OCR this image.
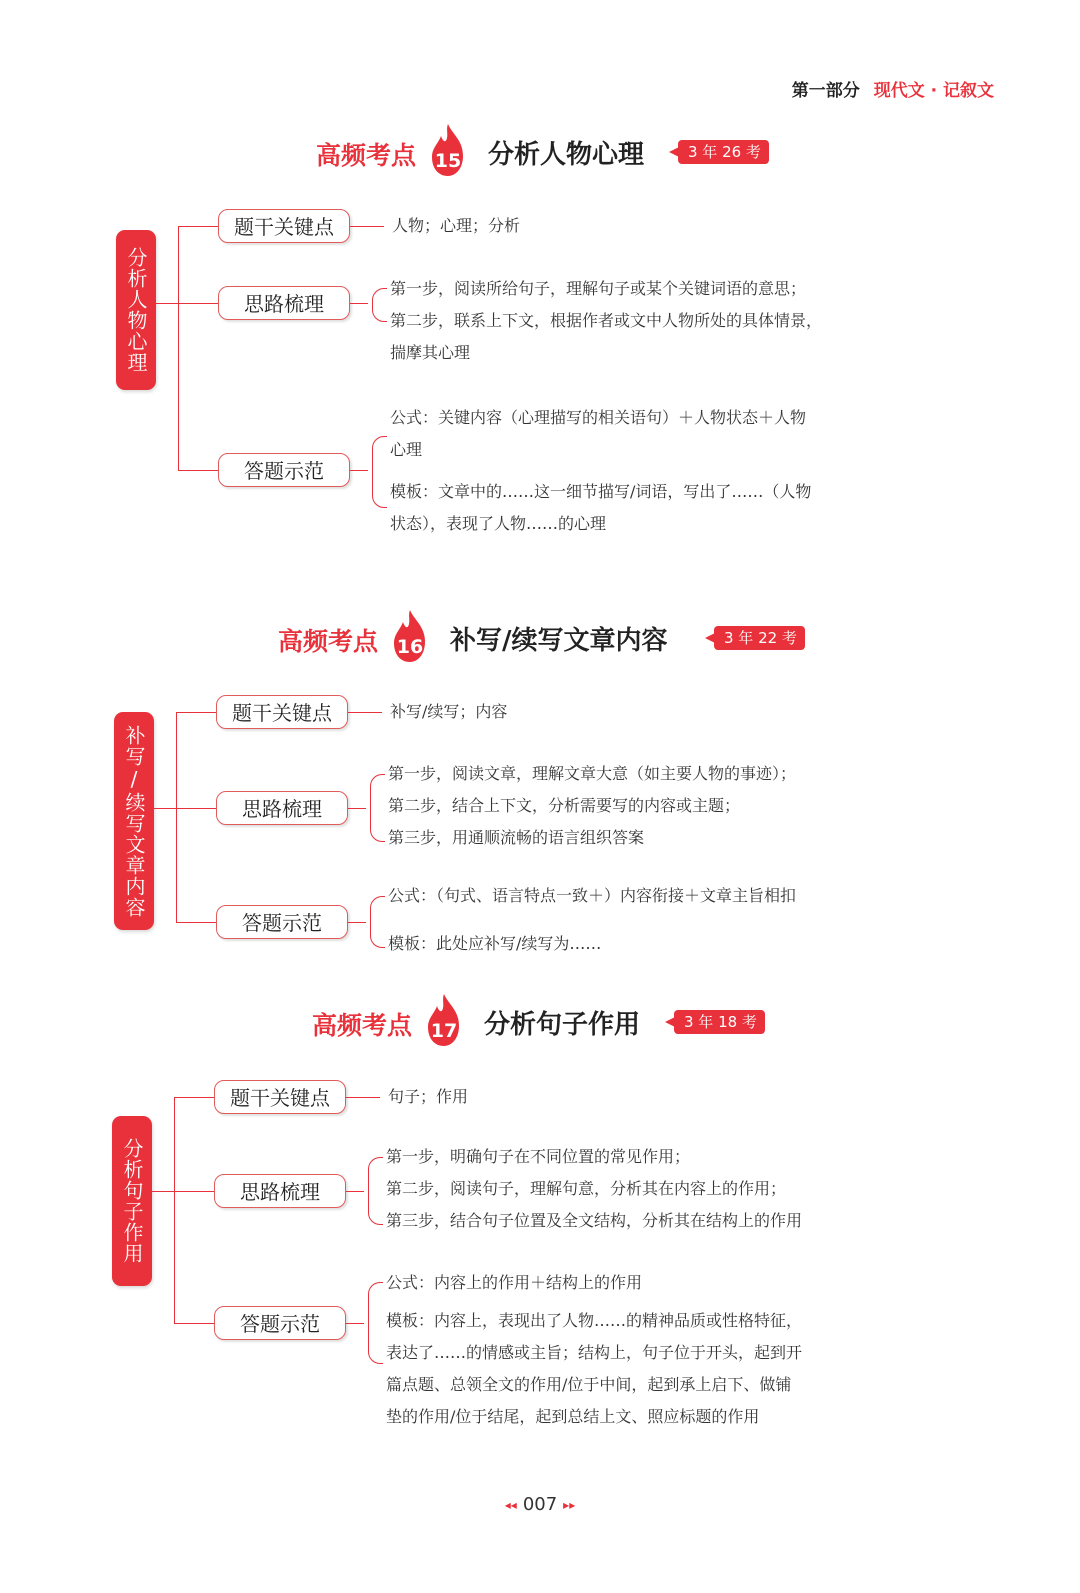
第一部分 现代文 · 记叙文
高频考点 15 分析人物心理	3 年 26 考
分析人物心理
题干关键点	人物；心理；分析
思路梳理

第一步，阅读所给句子，理解句子或某个关键词语的意思；

第二步，联系上下文，根据作者或文中人物所处的具体情景，

揣摩其心理

答题示范

公式：关键内容（心理描写的相关语句）＋人物状态＋人物

心理

模板：文章中的……这一细节描写/词语，写出了……（人物

状态），表现了人物……的心理

高频考点 16 补写/续写文章内容	3 年 22 考
补写/续写文章内容
题干关键点	补写/续写；内容
思路梳理

第一步，阅读文章，理解文章大意（如主要人物的事迹）；

第二步，结合上下文，分析需要写的内容或主题；

第三步，用通顺流畅的语言组织答案

答题示范

公式：（句式、语言特点一致＋）内容衔接＋文章主旨相扣

模板：此处应补写/续写为……

高频考点 17 分析句子作用	3 年 18 考
分析句子作用
题干关键点	句子；作用
思路梳理

第一步，明确句子在不同位置的常见作用；

第二步，阅读句子，理解句意，分析其在内容上的作用；

第三步，结合句子位置及全文结构，分析其在结构上的作用

答题示范

公式：内容上的作用＋结构上的作用

模板：内容上，表现出了人物……的精神品质或性格特征，

表达了……的情感或主旨；结构上，句子位于开头，起到开

篇点题、总领全文的作用/位于中间，起到承上启下、做铺

垫的作用/位于结尾，起到总结上文、照应标题的作用

◂◂ 007 ▸▸
